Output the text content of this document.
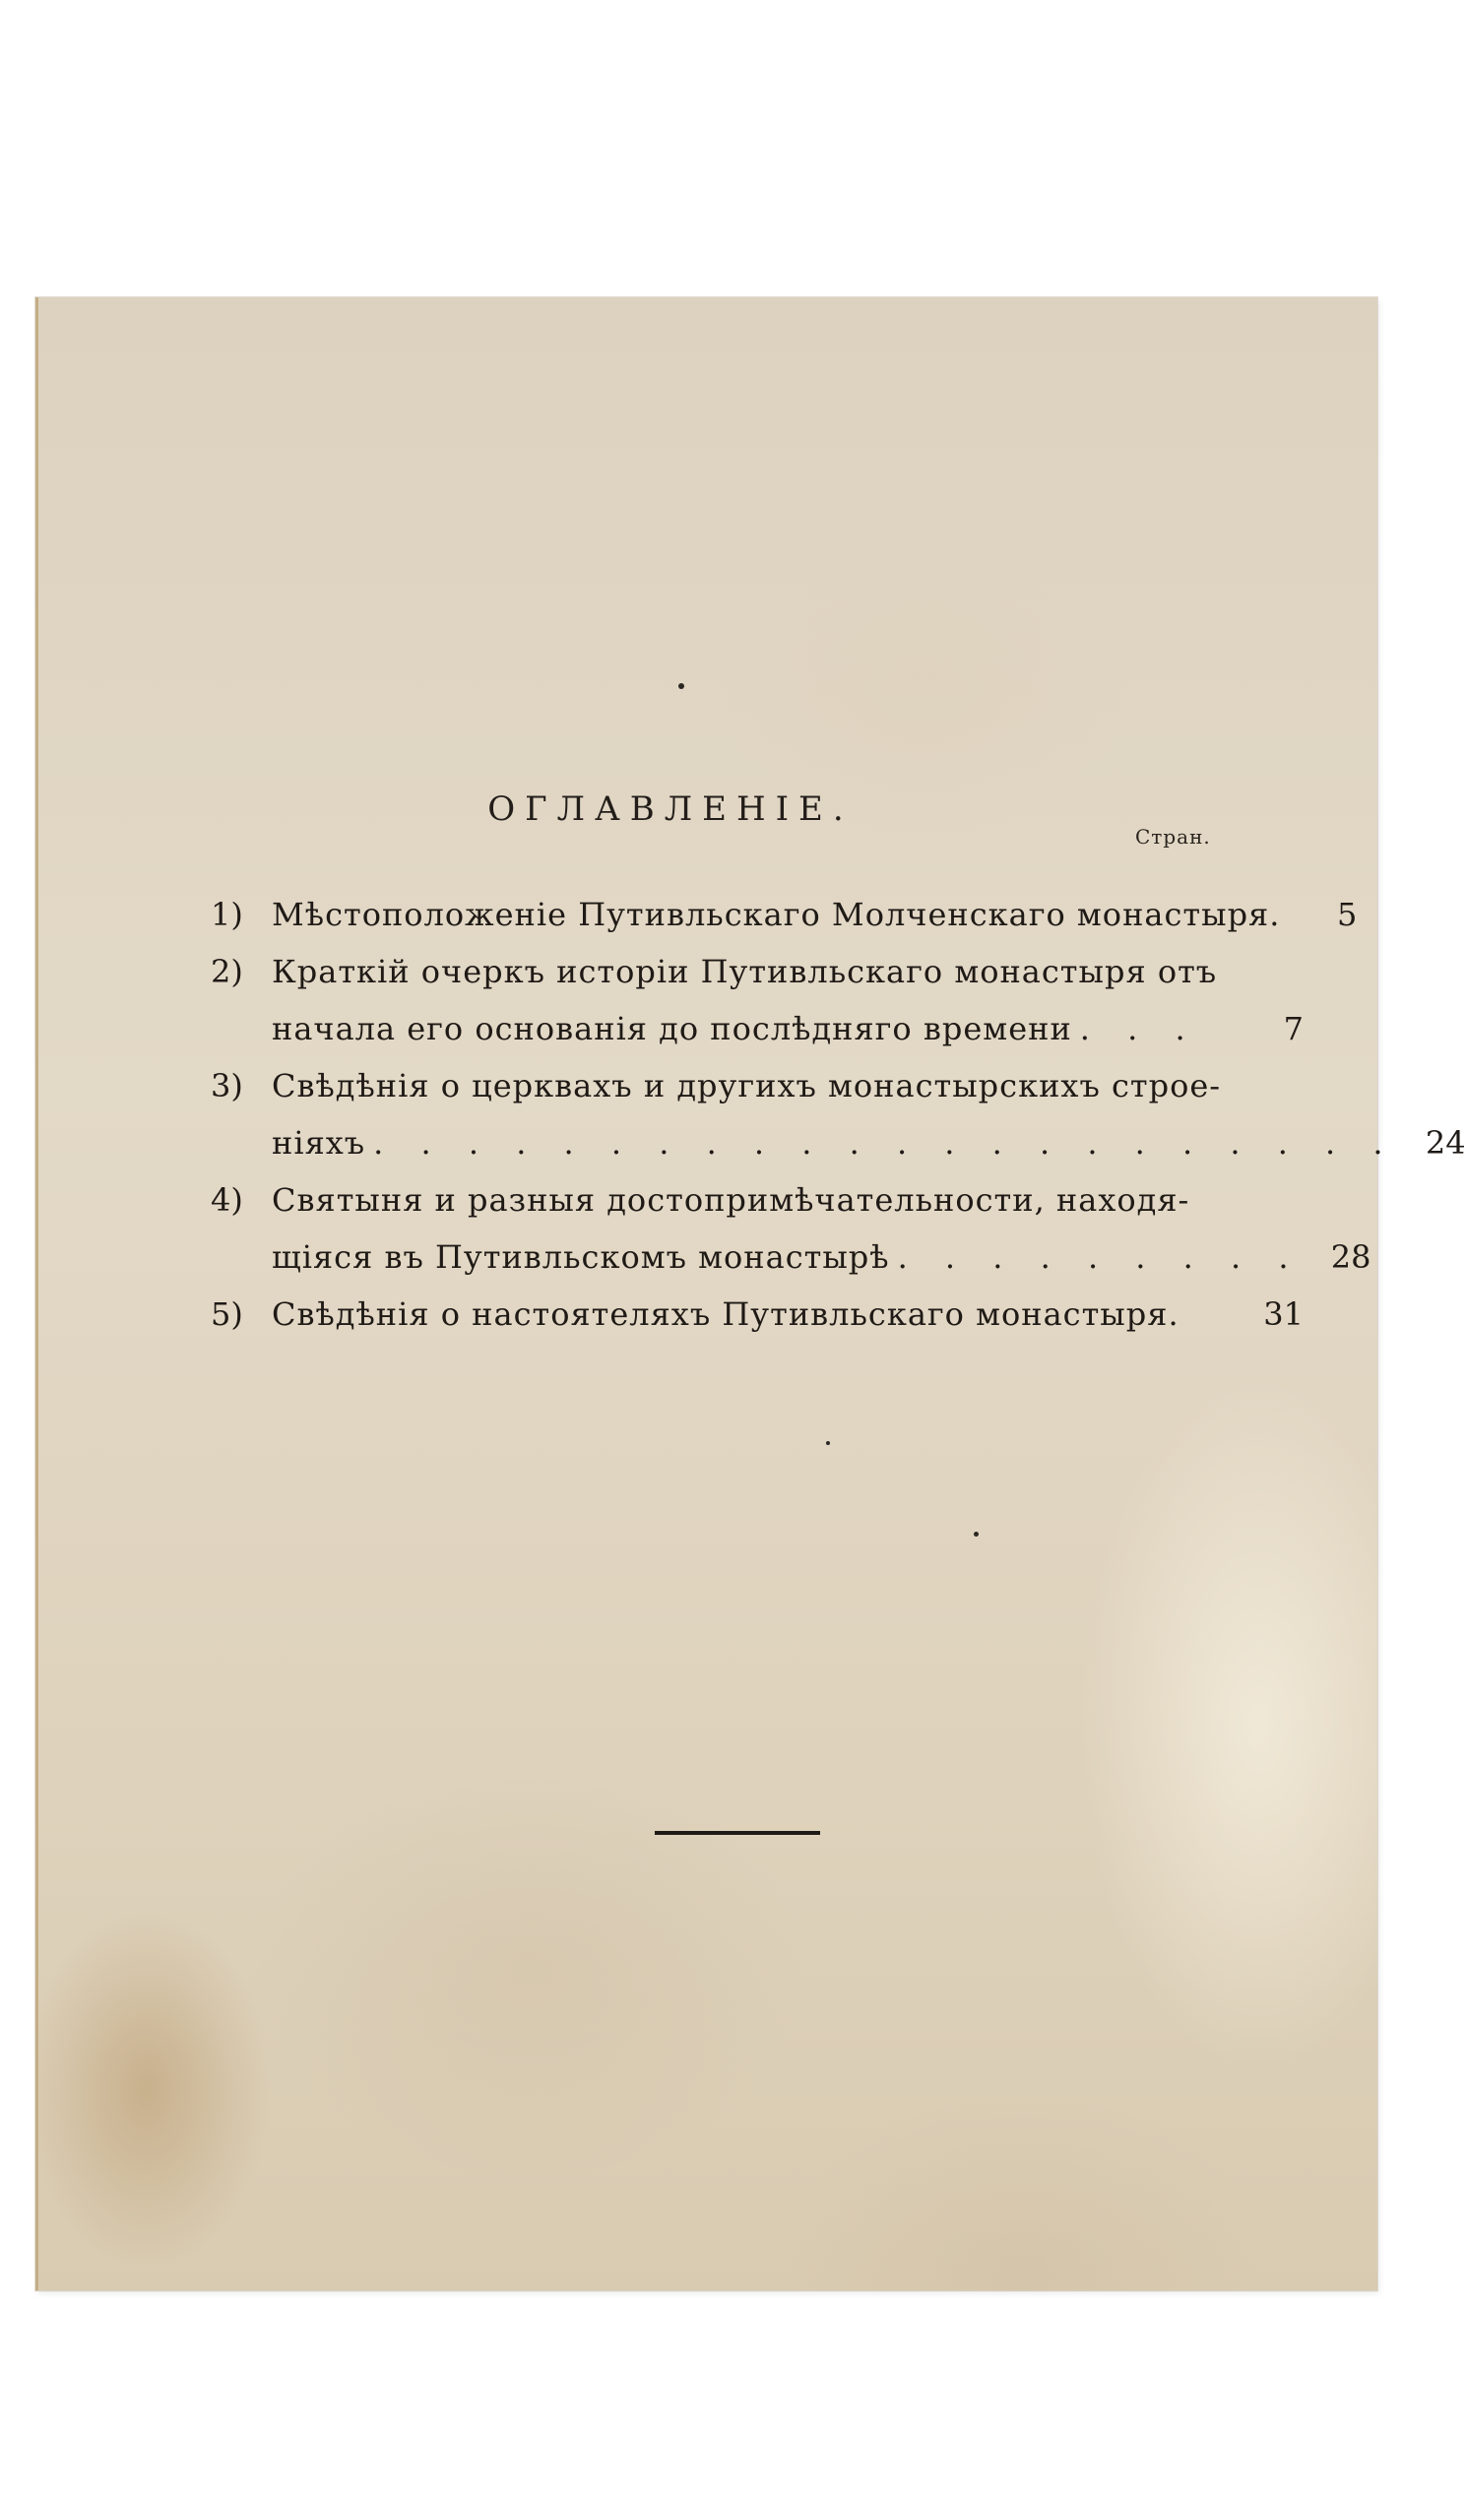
ОГЛАВЛЕНІЕ.
Стран.
1) Мѣстоположеніе Путивльскаго Молченскаго монастыря.	5
2) Краткій очеркъ исторіи Путивльскаго монастыря отъ
начала его основанія до послѣдняго времени . . .	7
3) Свѣдѣнія о церквахъ и другихъ монастырскихъ строе-
ніяхъ . . . . . . . . . . . . . . . . . . . . . . 24
4) Святыня и разныя достопримѣчательности, находя-
щіяся въ Путивльскомъ монастырѣ . . . . . . . . . 28
5) Свѣдѣнія о настоятеляхъ Путивльскаго монастыря.	31
